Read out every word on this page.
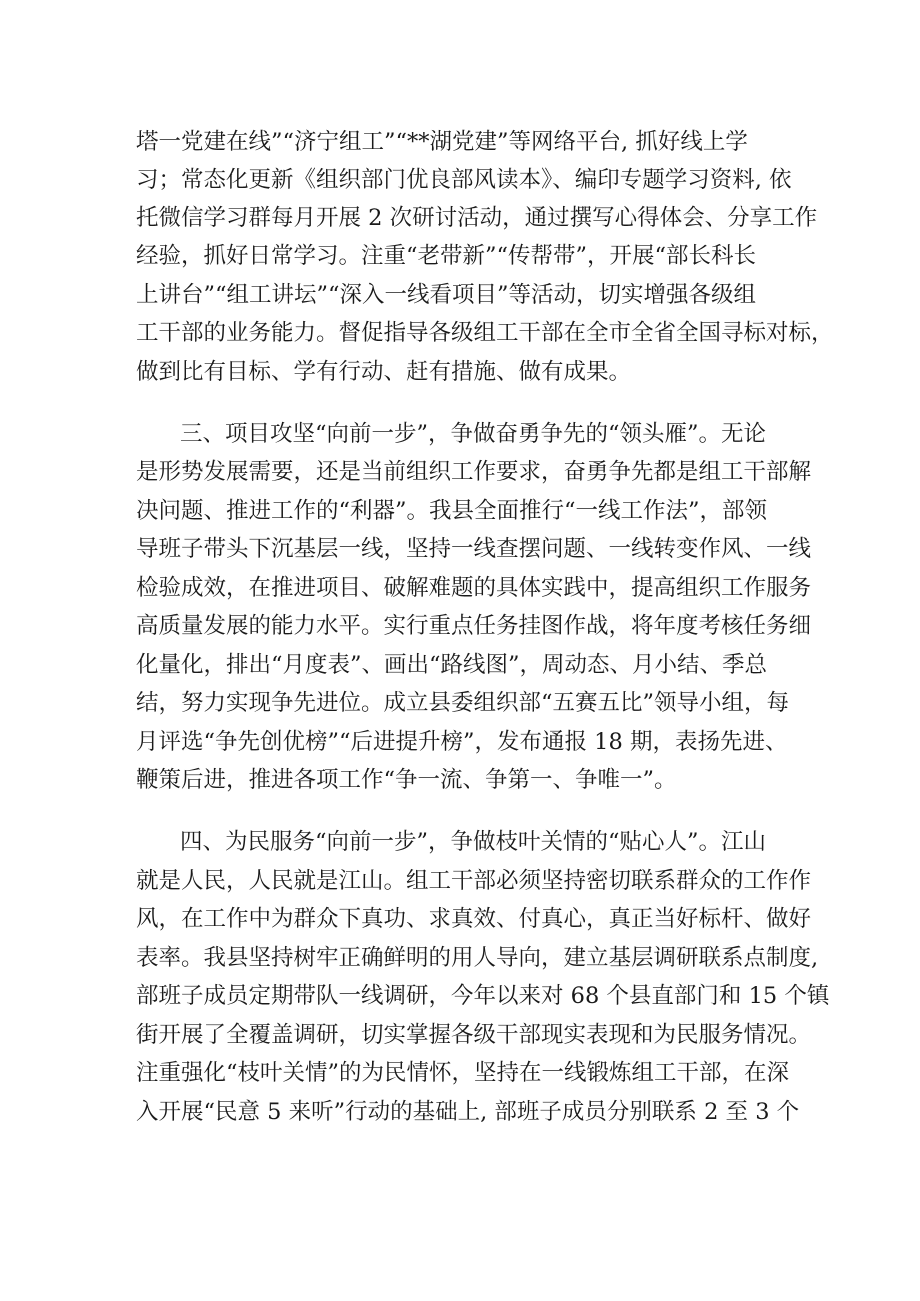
塔一党建在线”“济宁组工”“**湖党建”等网络平台, 抓好线上学
习；常态化更新《组织部门优良部风读本》、编印专题学习资料, 依
托微信学习群每月开展 2 次研讨活动，通过撰写心得体会、分享工作
经验，抓好日常学习。注重“老带新”“传帮带”，开展“部长科长
上讲台”“组工讲坛”“深入一线看项目”等活动，切实增强各级组
工干部的业务能力。督促指导各级组工干部在全市全省全国寻标对标，
做到比有目标、学有行动、赶有措施、做有成果。
三、项目攻坚“向前一步”，争做奋勇争先的“领头雁”。无论
是形势发展需要，还是当前组织工作要求，奋勇争先都是组工干部解
决问题、推进工作的“利器”。我县全面推行“一线工作法”，部领
导班子带头下沉基层一线，坚持一线查摆问题、一线转变作风、一线
检验成效，在推进项目、破解难题的具体实践中，提高组织工作服务
高质量发展的能力水平。实行重点任务挂图作战，将年度考核任务细
化量化，排出“月度表”、画出“路线图”，周动态、月小结、季总
结，努力实现争先进位。成立县委组织部“五赛五比”领导小组，每
月评选“争先创优榜”“后进提升榜”，发布通报 18 期，表扬先进、
鞭策后进，推进各项工作“争一流、争第一、争唯一”。
四、为民服务“向前一步”，争做枝叶关情的“贴心人”。江山
就是人民，人民就是江山。组工干部必须坚持密切联系群众的工作作
风，在工作中为群众下真功、求真效、付真心，真正当好标杆、做好
表率。我县坚持树牢正确鲜明的用人导向，建立基层调研联系点制度,
部班子成员定期带队一线调研，今年以来对 68 个县直部门和 15 个镇
街开展了全覆盖调研，切实掌握各级干部现实表现和为民服务情况。
注重强化“枝叶关情”的为民情怀，坚持在一线锻炼组工干部，在深
入开展“民意 5 来听”行动的基础上, 部班子成员分别联系 2 至 3 个
